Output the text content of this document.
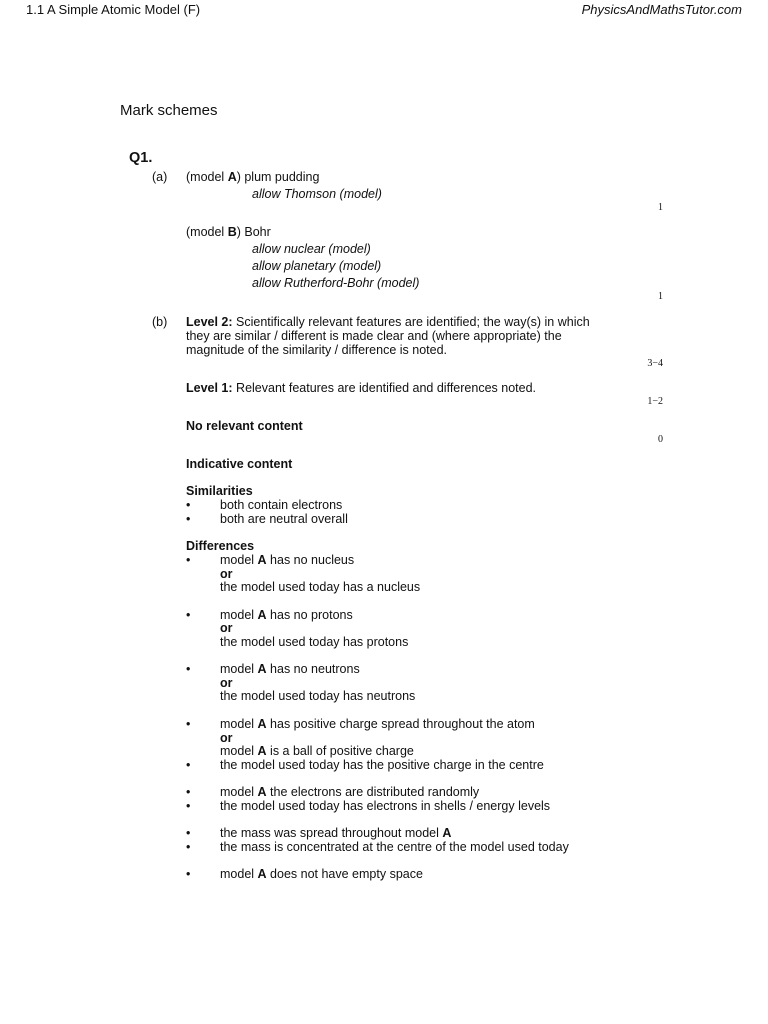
1.1 A Simple Atomic Model (F)	PhysicsAndMathsTutor.com
Mark schemes
Q1.
(a) (model A) plum pudding
allow Thomson (model)
1
(model B) Bohr
allow nuclear (model)
allow planetary (model)
allow Rutherford-Bohr (model)
1
(b) Level 2: Scientifically relevant features are identified; the way(s) in which
they are similar / different is made clear and (where appropriate) the
magnitude of the similarity / difference is noted.
3−4
Level 1: Relevant features are identified and differences noted.
1−2
No relevant content
0
Indicative content
Similarities
• both contain electrons
• both are neutral overall
Differences
• model A has no nucleus
or
the model used today has a nucleus
• model A has no protons
or
the model used today has protons
• model A has no neutrons
or
the model used today has neutrons
• model A has positive charge spread throughout the atom
or
model A is a ball of positive charge
• the model used today has the positive charge in the centre
• model A the electrons are distributed randomly
• the model used today has electrons in shells / energy levels
• the mass was spread throughout model A
• the mass is concentrated at the centre of the model used today
• model A does not have empty space
